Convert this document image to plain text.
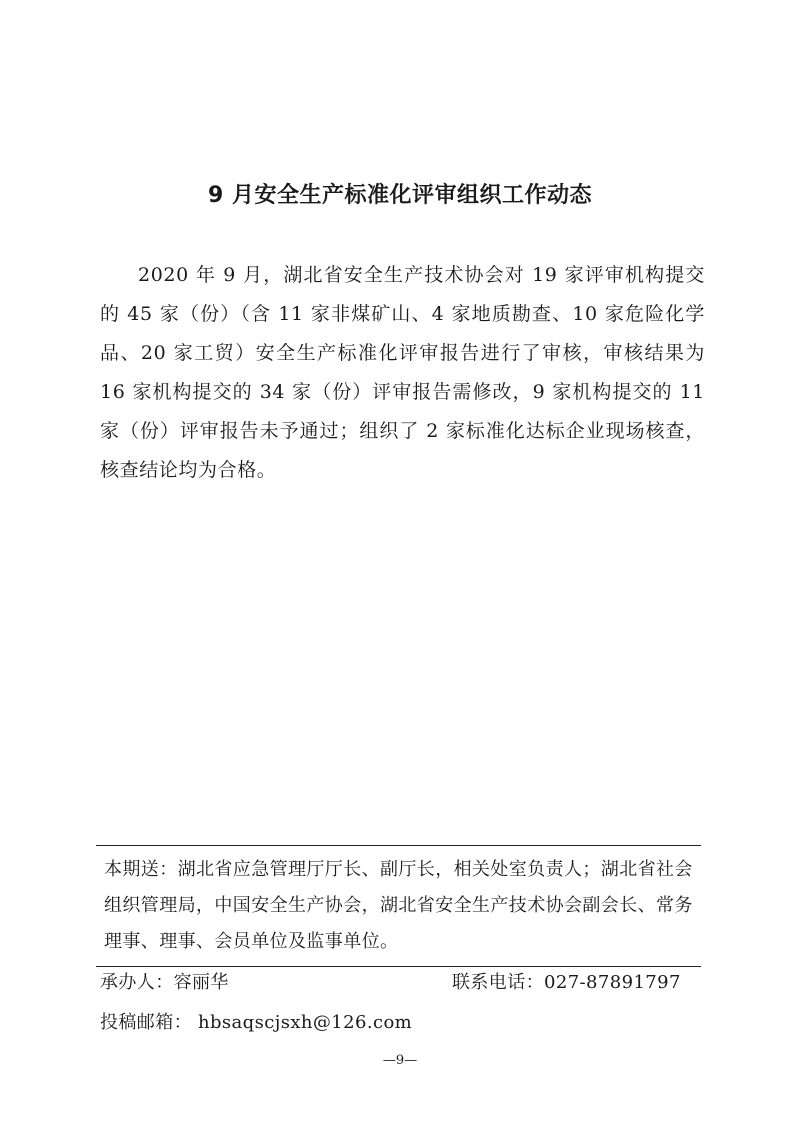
9 月安全生产标准化评审组织工作动态
2020 年 9 月，湖北省安全生产技术协会对 19 家评审机构提交的 45 家（份）（含 11 家非煤矿山、4 家地质勘查、10 家危险化学品、20 家工贸）安全生产标准化评审报告进行了审核，审核结果为 16 家机构提交的 34 家（份）评审报告需修改，9 家机构提交的 11 家（份）评审报告未予通过；组织了 2 家标准化达标企业现场核查，核查结论均为合格。
本期送：湖北省应急管理厅厅长、副厅长，相关处室负责人；湖北省社会组织管理局，中国安全生产协会，湖北省安全生产技术协会副会长、常务理事、理事、会员单位及监事单位。
承办人：容丽华	联系电话：027-87891797
投稿邮箱： hbsaqscjsxh@126.com
—9—
